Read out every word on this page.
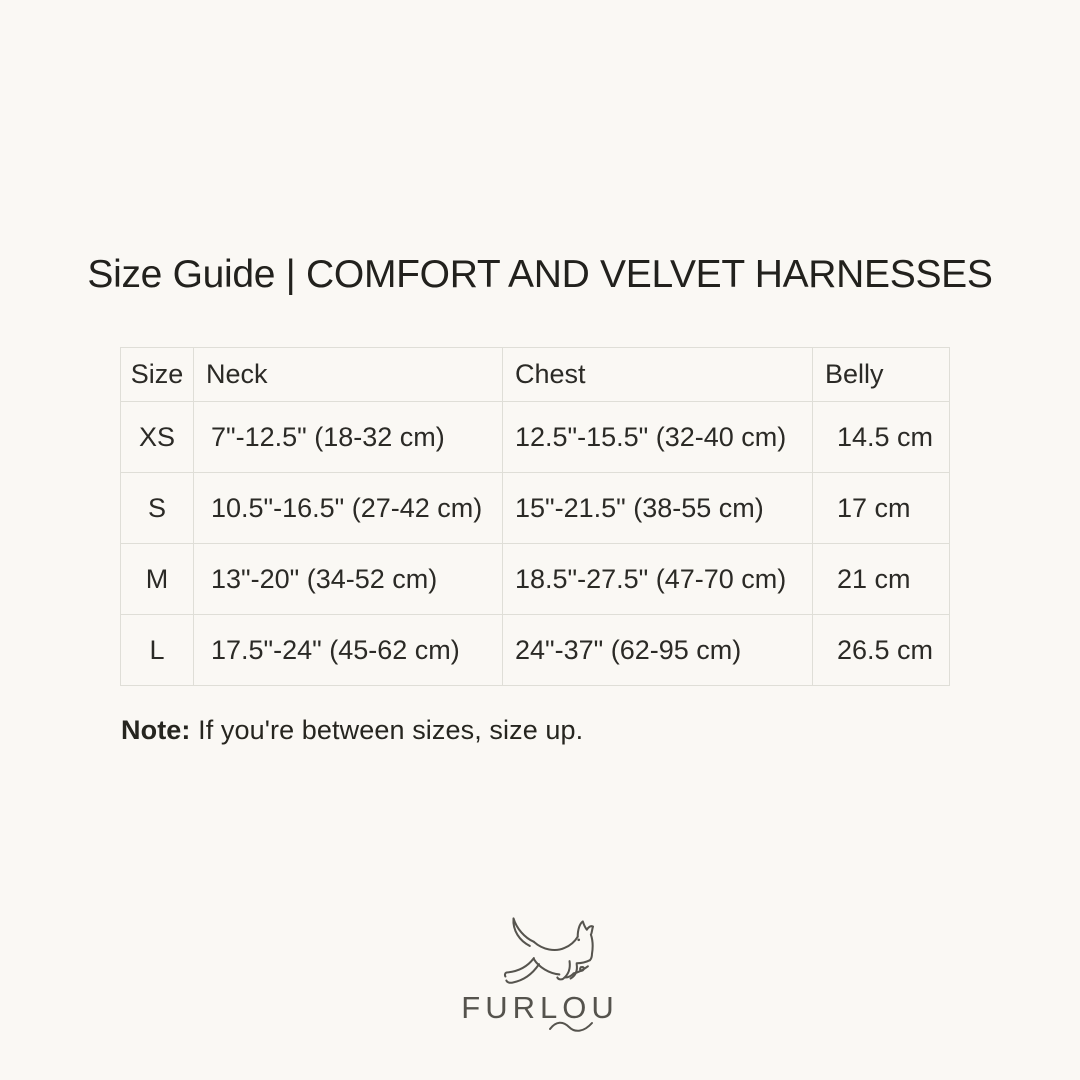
Size Guide | COMFORT AND VELVET HARNESSES
Size	Neck	Chest	Belly
XS	7"-12.5" (18-32 cm)	12.5"-15.5" (32-40 cm)	14.5 cm
S	10.5"-16.5" (27-42 cm)	15"-21.5" (38-55 cm)	17 cm
M	13"-20" (34-52 cm)	18.5"-27.5" (47-70 cm)	21 cm
L	17.5"-24" (45-62 cm)	24"-37" (62-95 cm)	26.5 cm
Note: If you're between sizes, size up.
FURLOU
